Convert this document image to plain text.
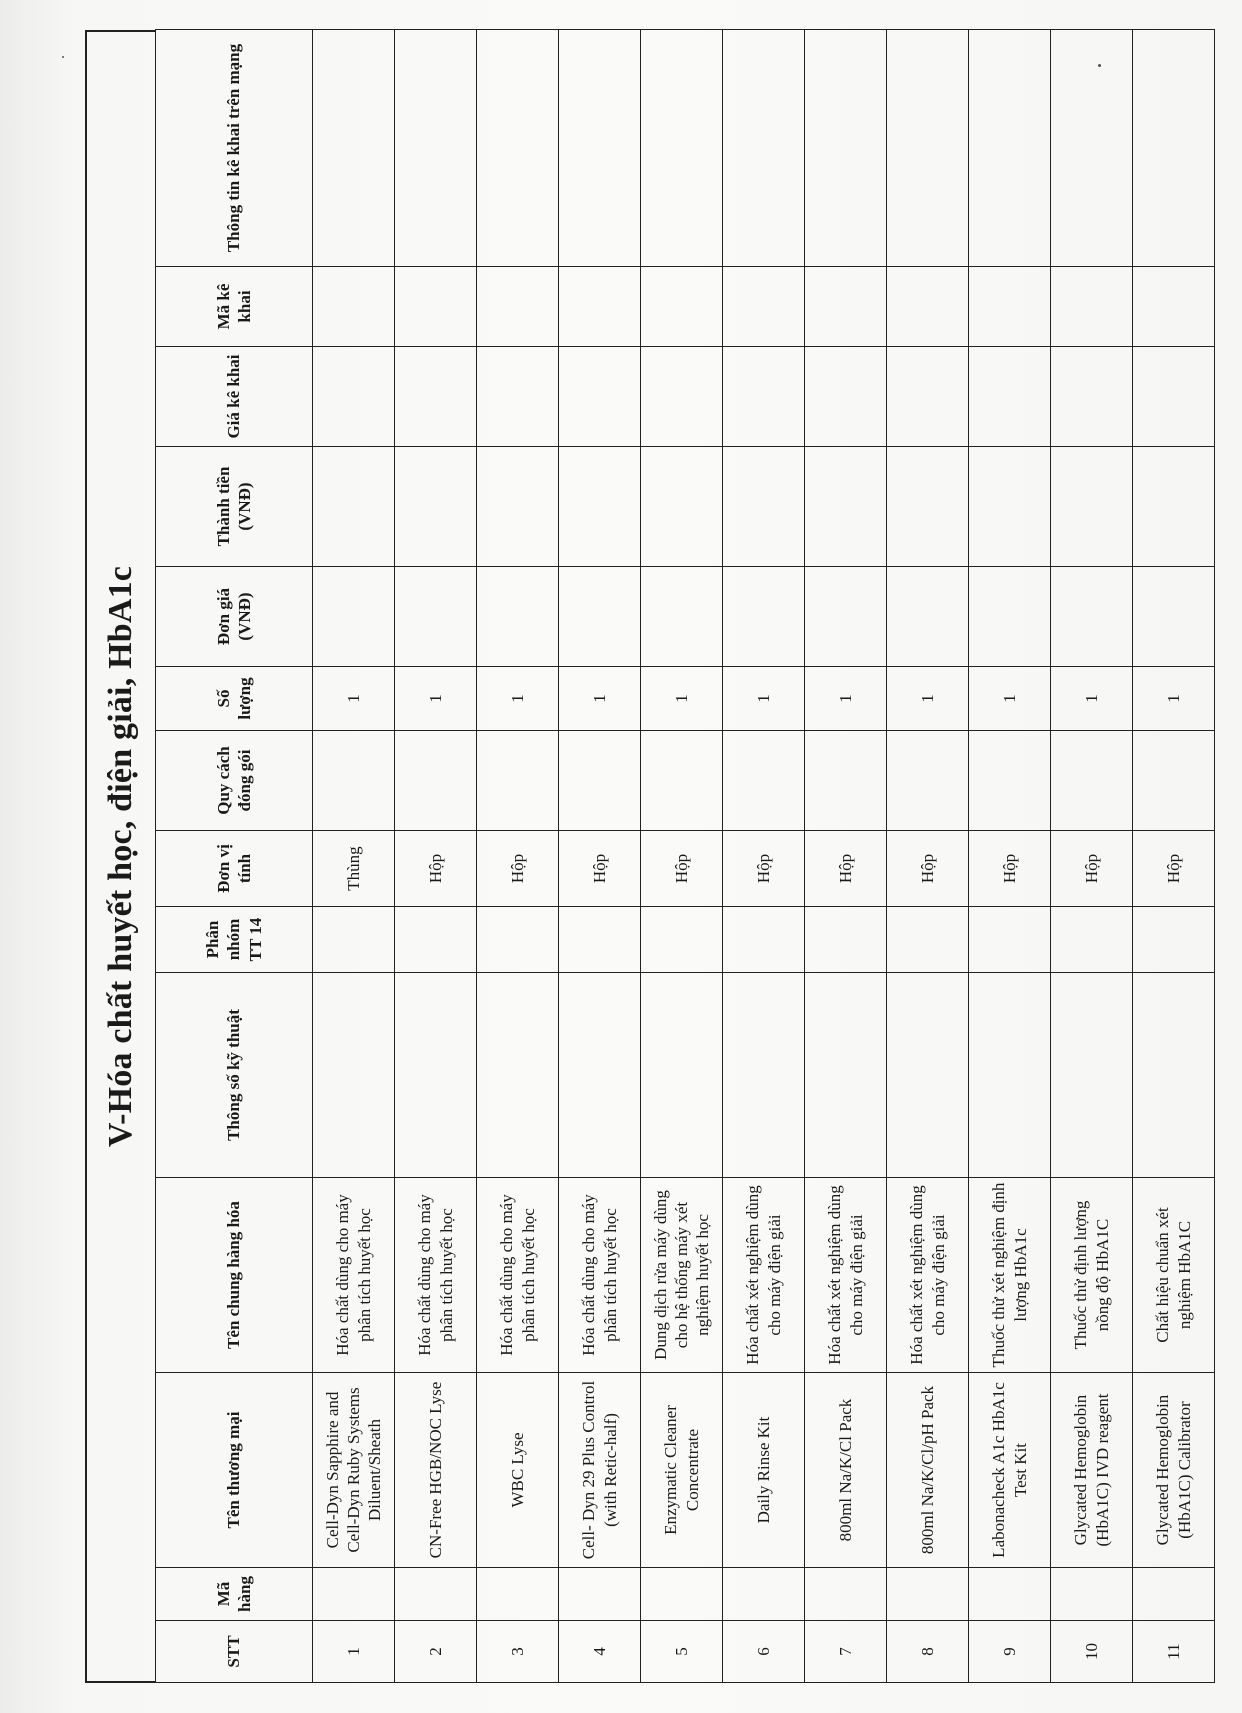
V-Hóa chất huyết học, điện giải, HbA1c
STT	Mã hàng	Tên thương mại	Tên chung hàng hóa	Thông số kỹ thuật	Phân nhóm TT 14	Đơn vị tính	Quy cách đóng gói	Số lượng	Đơn giá (VNĐ)	Thành tiền (VNĐ)	Giá kê khai	Mã kê khai	Thông tin kê khai trên mạng
1		Cell-Dyn Sapphire and Cell-Dyn Ruby Systems Diluent/Sheath	Hóa chất dùng cho máy phân tích huyết học			Thùng		1					
2		CN-Free HGB/NOC Lyse	Hóa chất dùng cho máy phân tích huyết học			Hộp		1					
3		WBC Lyse	Hóa chất dùng cho máy phân tích huyết học			Hộp		1					
4		Cell- Dyn 29 Plus Control (with Retic-half)	Hóa chất dùng cho máy phân tích huyết học			Hộp		1					
5		Enzymatic Cleaner Concentrate	Dung dịch rửa máy dùng cho hệ thống máy xét nghiệm huyết học			Hộp		1					
6		Daily Rinse Kit	Hóa chất xét nghiệm dùng cho máy điện giải			Hộp		1					
7		800ml Na/K/Cl Pack	Hóa chất xét nghiệm dùng cho máy điện giải			Hộp		1					
8		800ml Na/K/Cl/pH Pack	Hóa chất xét nghiệm dùng cho máy điện giải			Hộp		1					
9		Labonacheck A1c HbA1c Test Kit	Thuốc thử xét nghiệm định lượng HbA1c			Hộp		1					
10		Glycated Hemoglobin (HbA1C) IVD reagent	Thuốc thử định lượng nồng độ HbA1C			Hộp		1					
11		Glycated Hemoglobin (HbA1C) Calibrator	Chất hiệu chuẩn xét nghiệm HbA1C			Hộp		1					
